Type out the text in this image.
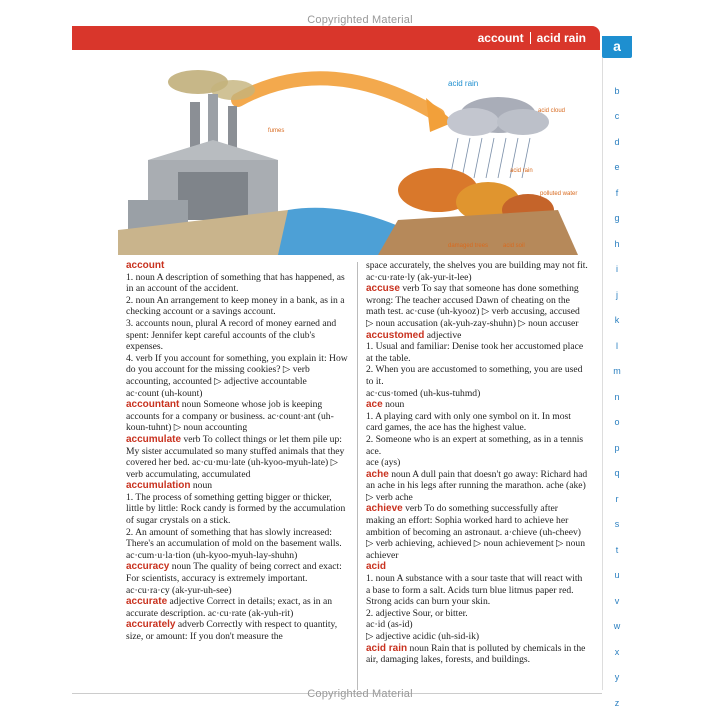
Copyrighted Material
account acid rain	a
b
c
d
e
f
g
h
i
j
k
l
m
n
o
p
q
r
s
t
u
v
w
x
y
z
acid rain
fumes
acid cloud
acid rain
polluted water
damaged trees acid soil

account

1. noun A description of something that has happened, as in an account of the accident.

2. noun An arrangement to keep money in a bank, as in a checking account or a savings account.

3. accounts noun, plural A record of money earned and spent: Jennifer kept careful accounts of the club's expenses.

4. verb If you account for something, you explain it: How do you account for the missing cookies? ▷ verb accounting, accounted ▷ adjective accountable

ac·count (uh-kount)

accountant noun Someone whose job is keeping accounts for a company or business. ac·count·ant (uh-koun-tuhnt) ▷ noun accounting

accumulate verb To collect things or let them pile up: My sister accumulated so many stuffed animals that they covered her bed. ac·cu·mu·late (uh-kyoo-myuh-late) ▷ verb accumulating, accumulated

accumulation noun

1. The process of something getting bigger or thicker, little by little: Rock candy is formed by the accumulation of sugar crystals on a stick.

2. An amount of something that has slowly increased: There's an accumulation of mold on the basement walls.

ac·cum·u·la·tion (uh-kyoo-myuh-lay-shuhn)

accuracy noun The quality of being correct and exact: For scientists, accuracy is extremely important. ac·cu·ra·cy (ak-yur-uh-see)

accurate adjective Correct in details; exact, as in an accurate description. ac·cu·rate (ak-yuh-rit)

accurately adverb Correctly with respect to quantity, size, or amount: If you don't measure the

space accurately, the shelves you are building may not fit. ac·cu·rate·ly (ak-yur-it-lee)

accuse verb To say that someone has done something wrong: The teacher accused Dawn of cheating on the math test. ac·cuse (uh-kyooz) ▷ verb accusing, accused ▷ noun accusation (ak-yuh-zay-shuhn) ▷ noun accuser

accustomed adjective

1. Usual and familiar: Denise took her accustomed place at the table.

2. When you are accustomed to something, you are used to it.

ac·cus·tomed (uh-kus-tuhmd)

ace noun

1. A playing card with only one symbol on it. In most card games, the ace has the highest value.

2. Someone who is an expert at something, as in a tennis ace.

ace (ays)

ache noun A dull pain that doesn't go away: Richard had an ache in his legs after running the marathon. ache (ake) ▷ verb ache

achieve verb To do something successfully after making an effort: Sophia worked hard to achieve her ambition of becoming an astronaut. a·chieve (uh-cheev) ▷ verb achieving, achieved ▷ noun achievement ▷ noun achiever

acid

1. noun A substance with a sour taste that will react with a base to form a salt. Acids turn blue litmus paper red. Strong acids can burn your skin.

2. adjective Sour, or bitter.

ac·id (as-id)

▷ adjective acidic (uh-sid-ik)

acid rain noun Rain that is polluted by chemicals in the air, damaging lakes, forests, and buildings.

Copyrighted Material
